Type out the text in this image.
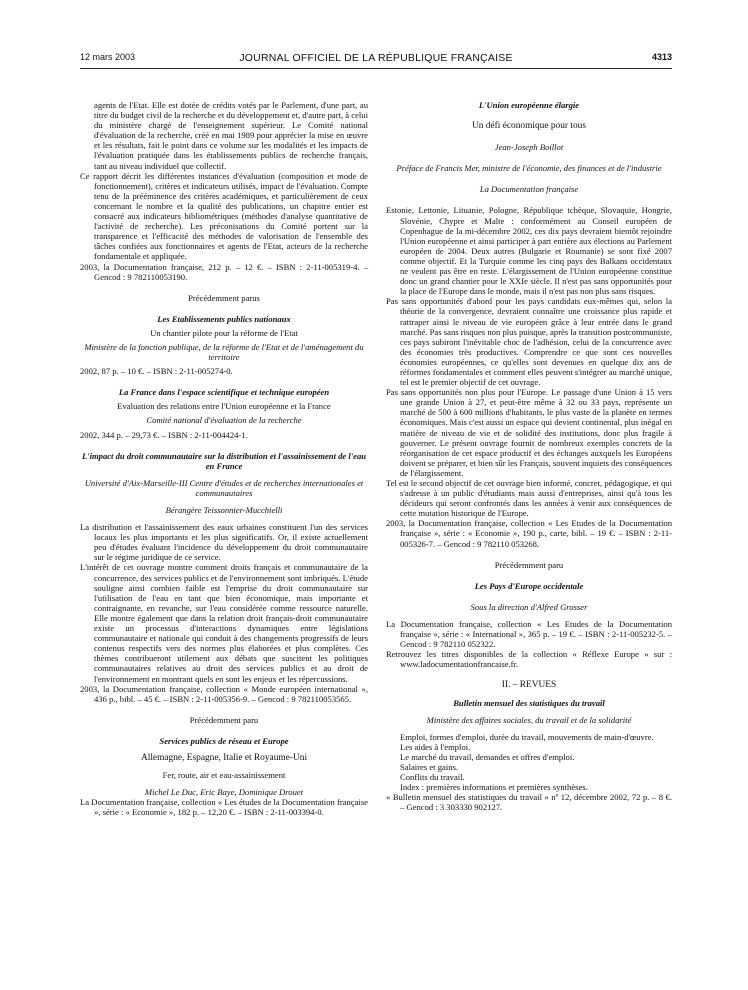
12 mars 2003	JOURNAL OFFICIEL DE LA RÉPUBLIQUE FRANÇAISE	4313

agents de l'Etat. Elle est dotée de crédits votés par le Parlement, d'une part, au titre du budget civil de la recherche et du développement et, d'autre part, à celui du ministère chargé de l'enseignement supérieur. Le Comité national d'évaluation de la recherche, créé en mai 1989 pour apprécier la mise en œuvre et les résultats, fait le point dans ce volume sur les modalités et les impacts de l'évaluation pratiquée dans les établissements publics de recherche français, tant au niveau individuel que collectif.

Ce rapport décrit les différentes instances d'évaluation (composition et mode de fonctionnement), critères et indicateurs utilisés, impact de l'évaluation. Compte tenu de la prééminence des critères académiques, et particulièrement de ceux concernant le nombre et la qualité des publications, un chapitre entier est consacré aux indicateurs bibliométriques (méthodes d'analyse quantitative de l'activité de recherche). Les préconisations du Comité portent sur la transparence et l'efficacité des méthodes de valorisation de l'ensemble des tâches confiées aux fonctionnaires et agents de l'Etat, acteurs de la recherche fondamentale et appliquée.

2003, la Documentation française, 212 p. – 12 €. – ISBN : 2-11-005319-4. – Gencod : 9 782110053190.

Précédemment parus

Les Etablissements publics nationaux

Un chantier pilote pour la réforme de l'Etat

Ministère de la fonction publique, de la réforme de l'Etat et de l'aménagement du territoire

2002, 87 p. – 10 €. – ISBN : 2-11-005274-0.

La France dans l'espace scientifique et technique européen

Evaluation des relations entre l'Union européenne et la France

Comité national d'évaluation de la recherche

2002, 344 p. – 29,73 €. – ISBN : 2-11-004424-1.

L'impact du droit communautaire sur la distribution et l'assainissement de l'eau en France

Université d'Aix-Marseille-III Centre d'études et de recherches internationales et communautaires

Bérangère Teissonnier-Mucchielli

La distribution et l'assainissement des eaux urbaines constituent l'un des services locaux les plus importants et les plus significatifs. Or, il existe actuellement peu d'études évaluant l'incidence du développement du droit communautaire sur le régime juridique de ce service.

L'intérêt de cet ouvrage montre comment droits français et communautaire de la concurrence, des services publics et de l'environnement sont imbriqués. L'étude souligne ainsi combien faible est l'emprise du droit communautaire sur l'utilisation de l'eau en tant que bien économique, mais importante et contraignante, en revanche, sur l'eau considérée comme ressource naturelle. Elle montre également que dans la relation droit français-droit communautaire existe un processus d'interactions dynamiques entre législations communautaire et nationale qui conduit à des changements progressifs de leurs contenus respectifs vers des normes plus élaborées et plus complètes. Ces thèmes contribueront utilement aux débats que suscitent les politiques communautaires relatives au droit des services publics et au droit de l'environnement en montrant quels en sont les enjeux et les répercussions.

2003, la Documentation française, collection « Monde européen international », 436 p., bibl. – 45 €. – ISBN : 2-11-005356-9. – Gencod : 9 782110053565.

Précédemment paru

Services publics de réseau et Europe

Allemagne, Espagne, Italie et Royaume-Uni

Fer, route, air et eau-assainissement

Michel Le Duc, Eric Baye, Dominique Drouet

La Documentation française, collection « Les études de la Documentation française », série : « Economie », 182 p. – 12,20 €. – ISBN : 2-11-003394-0.

L'Union européenne élargie

Un défi économique pour tous

Jean-Joseph Boillot

Préface de Francis Mer, ministre de l'économie, des finances et de l'industrie

La Documentation française

Estonie, Lettonie, Lituanie, Pologne, République tchèque, Slovaquie, Hongrie, Slovénie, Chypre et Malte : conformément au Conseil européen de Copenhague de la mi-décembre 2002, ces dix pays devraient bientôt rejoindre l'Union européenne et ainsi participer à part entière aux élections au Parlement européen de 2004. Deux autres (Bulgarie et Roumanie) se sont fixé 2007 comme objectif. Et la Turquie comme les cinq pays des Balkans occidentaux ne veulent pas être en reste. L'élargissement de l'Union européenne constitue donc un grand chantier pour le XXIe siècle. Il n'est pas sans opportunités pour la place de l'Europe dans le monde, mais il n'est pas non plus sans risques.

Pas sans opportunités d'abord pour les pays candidats eux-mêmes qui, selon la théorie de la convergence, devraient connaître une croissance plus rapide et rattraper ainsi le niveau de vie européen grâce à leur entrée dans le grand marché. Pas sans risques non plus puisque, après la transition postcommuniste, ces pays subiront l'inévitable choc de l'adhésion, celui de la concurrence avec des économies très productives. Comprendre ce que sont ces nouvelles économies européennes, ce qu'elles sont devenues en quelque dix ans de réformes fondamentales et comment elles peuvent s'intégrer au marché unique, tel est le premier objectif de cet ouvrage.

Pas sans opportunités non plus pour l'Europe. Le passage d'une Union à 15 vers une grande Union à 27, et peut-être même à 32 ou 33 pays, représente un marché de 500 à 600 millions d'habitants, le plus vaste de la planète en termes économiques. Mais c'est aussi un espace qui devient continental, plus inégal en matière de niveau de vie et de solidité des institutions, donc plus fragile à gouverner. Le présent ouvrage fournit de nombreux exemples concrets de la réorganisation de cet espace productif et des échanges auxquels les Européens doivent se préparer, et bien sûr les Français, souvent inquiets des conséquences de l'élargissement.

Tel est le second objectif de cet ouvrage bien informé, concret, pédagogique, et qui s'adresse à un public d'étudiants mais aussi d'entreprises, ainsi qu'à tous les décideurs qui seront confrontés dans les années à venir aux conséquences de cette mutation historique de l'Europe.

2003, la Documentation française, collection « Les Etudes de la Documentation française », série : « Economie », 190 p., carte, bibl. – 19 €. – ISBN : 2-11-005326-7. – Gencod : 9 782110 053268.

Précédemment paru

Les Pays d'Europe occidentale

Sous la direction d'Alfred Grosser

La Documentation française, collection « Les Etudes de la Documentation française », série : « International », 365 p. – 19 €. – ISBN : 2-11-005232-5. – Gencod : 9 782110 052322.

Retrouvez les titres disponibles de la collection « Réflexe Europe » sur : www.ladocumentationfrancaise.fr.

II. – REVUES

Bulletin mensuel des statistiques du travail

Ministère des affaires sociales, du travail et de la solidarité

Emploi, formes d'emploi, durée du travail, mouvements de main-d'œuvre.

Les aides à l'emploi.

Le marché du travail, demandes et offres d'emploi.

Salaires et gains.

Conflits du travail.

Index : premières informations et premières synthèses.

« Bulletin mensuel des statistiques du travail » nº 12, décembre 2002, 72 p. – 8 €. – Gencod : 3 303330 902127.
